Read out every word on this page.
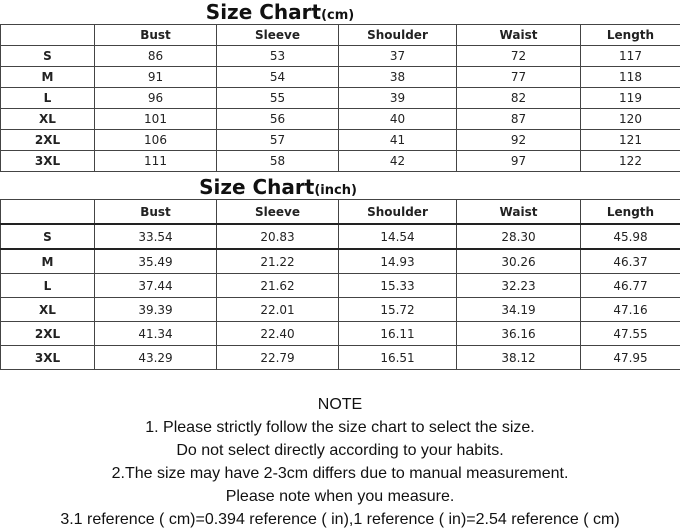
Size Chart(cm)
	Bust	Sleeve	Shoulder	Waist	Length
S	86	53	37	72	117
M	91	54	38	77	118
L	96	55	39	82	119
XL	101	56	40	87	120
2XL	106	57	41	92	121
3XL	111	58	42	97	122
Size Chart(inch)
	Bust	Sleeve	Shoulder	Waist	Length
S	33.54	20.83	14.54	28.30	45.98
M	35.49	21.22	14.93	30.26	46.37
L	37.44	21.62	15.33	32.23	46.77
XL	39.39	22.01	15.72	34.19	47.16
2XL	41.34	22.40	16.11	36.16	47.55
3XL	43.29	22.79	16.51	38.12	47.95
NOTE
1. Please strictly follow the size chart to select the size.
Do not select directly according to your habits.
2.The size may have 2-3cm differs due to manual measurement.
Please note when you measure.
3.1 reference ( cm)=0.394 reference ( in),1 reference ( in)=2.54 reference ( cm)
